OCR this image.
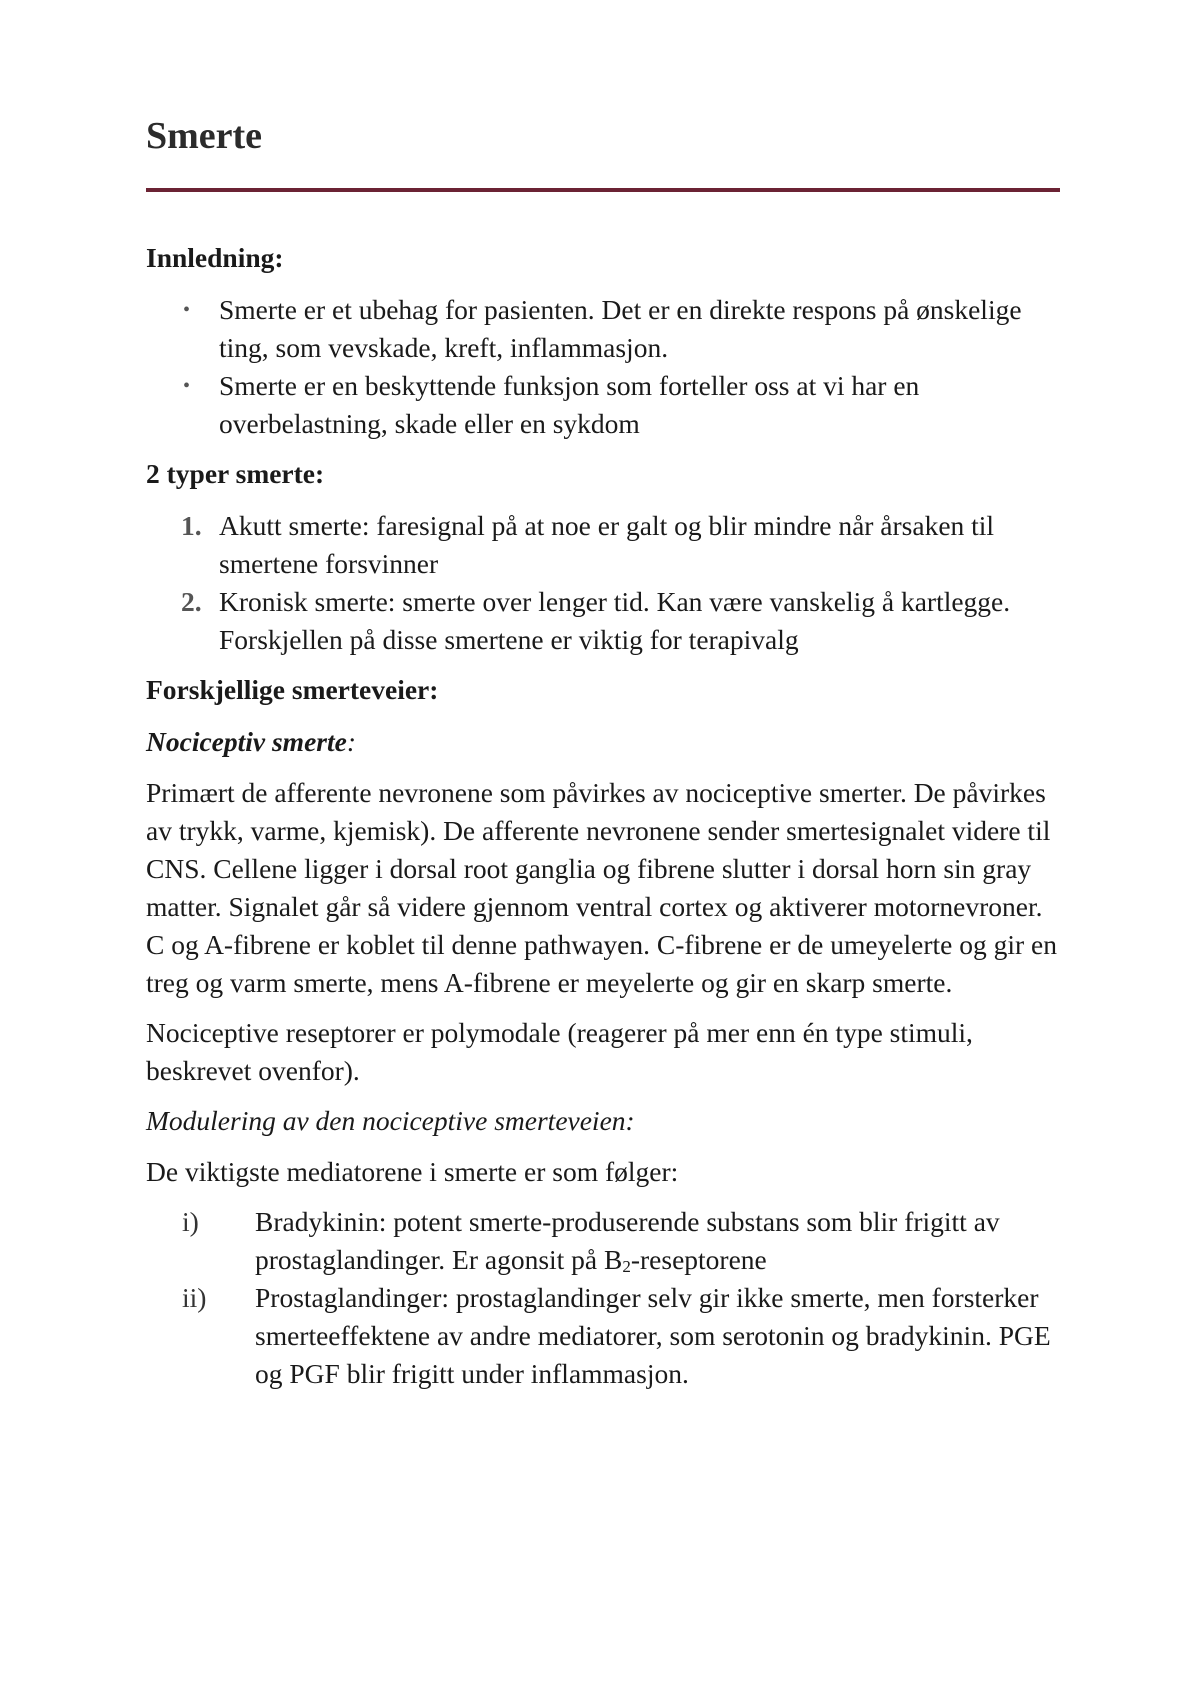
Smerte
Innledning:
• Smerte er et ubehag for pasienten. Det er en direkte respons på ønskelige ting, som vevskade, kreft, inflammasjon.
• Smerte er en beskyttende funksjon som forteller oss at vi har en overbelastning, skade eller en sykdom
2 typer smerte:
1. Akutt smerte: faresignal på at noe er galt og blir mindre når årsaken til smertene forsvinner
2. Kronisk smerte: smerte over lenger tid. Kan være vanskelig å kartlegge.
Forskjellen på disse smertene er viktig for terapivalg
Forskjellige smerteveier:
Nociceptiv smerte:

Primært de afferente nevronene som påvirkes av nociceptive smerter. De påvirkes av trykk, varme, kjemisk). De afferente nevronene sender smertesignalet videre til CNS. Cellene ligger i dorsal root ganglia og fibrene slutter i dorsal horn sin gray matter. Signalet går så videre gjennom ventral cortex og aktiverer motornevroner. C og A-fibrene er koblet til denne pathwayen. C-fibrene er de umeyelerte og gir en treg og varm smerte, mens A-fibrene er meyelerte og gir en skarp smerte.

Nociceptive reseptorer er polymodale (reagerer på mer enn én type stimuli, beskrevet ovenfor).

Modulering av den nociceptive smerteveien:

De viktigste mediatorene i smerte er som følger:

i) Bradykinin: potent smerte-produserende substans som blir frigitt av prostaglandinger. Er agonsit på $B_2$-reseptorene
ii) Prostaglandinger: prostaglandinger selv gir ikke smerte, men forsterker smerteeffektene av andre mediatorer, som serotonin og bradykinin. PGE og PGF blir frigitt under inflammasjon.
